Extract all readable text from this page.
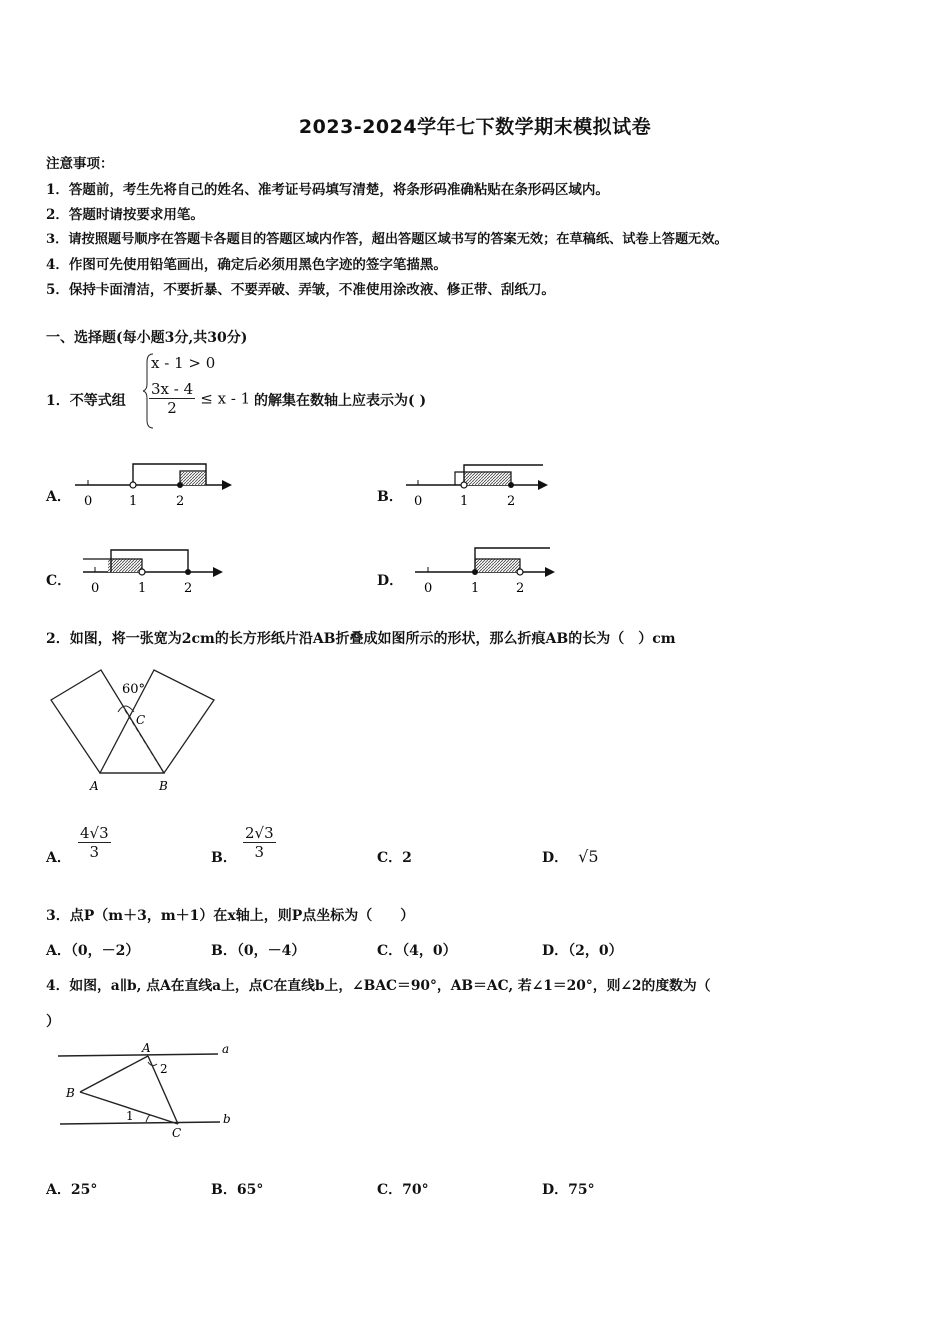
2023-2024学年七下数学期末模拟试卷
注意事项：
1．答题前，考生先将自己的姓名、准考证号码填写清楚，将条形码准确粘贴在条形码区域内。
2．答题时请按要求用笔。
3．请按照题号顺序在答题卡各题目的答题区域内作答，超出答题区域书写的答案无效；在草稿纸、试卷上答题无效。
4．作图可先使用铅笔画出，确定后必须用黑色字迹的签字笔描黑。
5．保持卡面清洁，不要折暴、不要弄破、弄皱，不准使用涂改液、修正带、刮纸刀。
一、选择题(每小题3分,共30分)
1．不等式组
x - 1 > 0
$\frac{3x - 4}{2} \le x - 1$ 的解集在数轴上应表示为( )
A． 0	1	2	B． 0	1	2
C． 0	1	2	D． 0	1	2
2．如图，将一张宽为2cm的长方形纸片沿AB折叠成如图所示的形状，那么折痕AB的长为（　）cm
60°
C
A	B
A． $\frac{4√3}{3}$	B． $\frac{2√3}{3}$	C．2	D． √5
3．点P（m＋3，m＋1）在x轴上，则P点坐标为（　　）
A．（0，－2）	B．（0，－4）	C．（4，0）	D．（2，0）
4．如图，a∥b, 点A在直线a上，点C在直线b上，∠BAC＝90°，AB＝AC, 若∠1＝20°，则∠2的度数为（
）
A
B
C
a
b
1
2
A．25°	B．65°	C．70°	D．75°
